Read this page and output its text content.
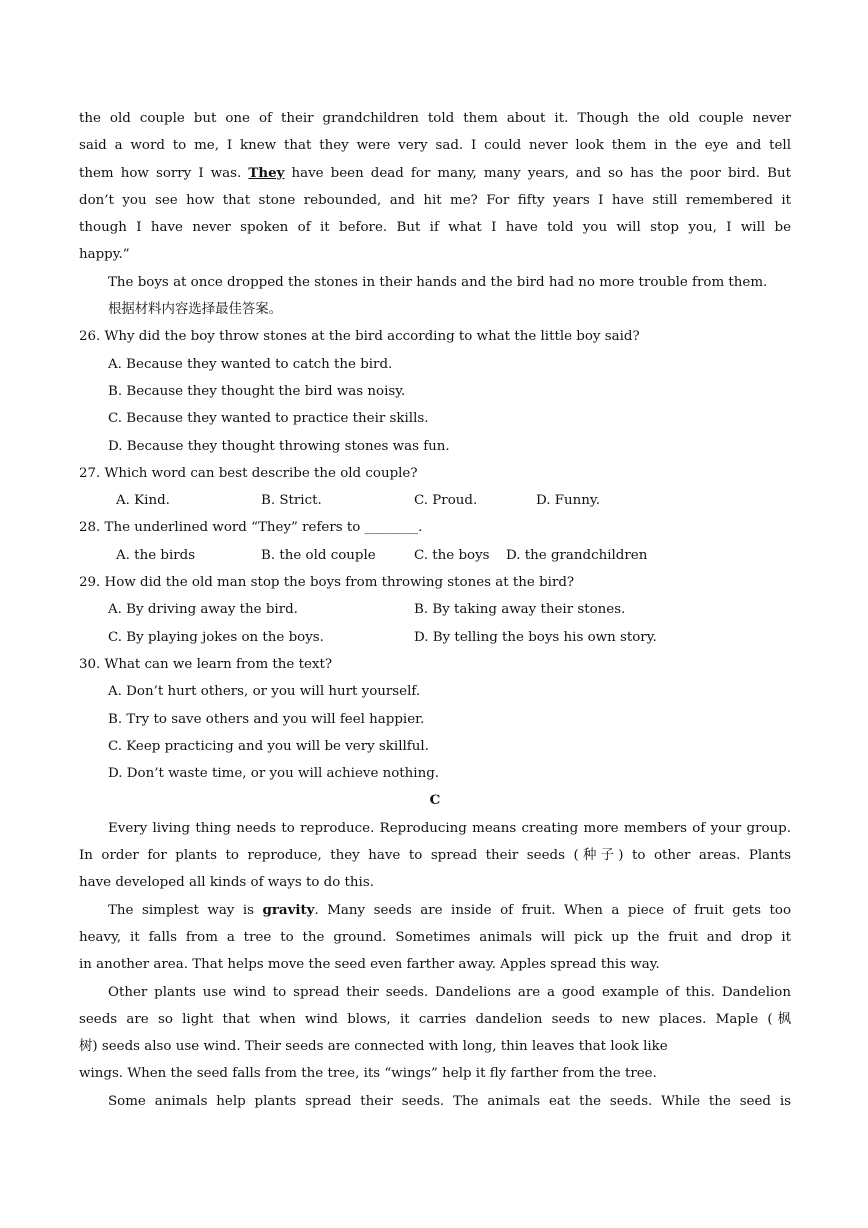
the old couple but one of their grandchildren told them about it. Though the old couple never
said a word to me, I knew that they were very sad. I could never look them in the eye and tell
them how sorry I was. They have been dead for many, many years, and so has the poor bird. But
don’t you see how that stone rebounded, and hit me? For fifty years I have still remembered it
though I have never spoken of it before. But if what I have told you will stop you, I will be
happy.”
The boys at once dropped the stones in their hands and the bird had no more trouble from them.
根据材料内容选择最佳答案。
26. Why did the boy throw stones at the bird according to what the little boy said?
A. Because they wanted to catch the bird.
B. Because they thought the bird was noisy.
C. Because they wanted to practice their skills.
D. Because they thought throwing stones was fun.
27. Which word can best describe the old couple?
A. Kind.	B. Strict.	C. Proud.	D. Funny.
28. The underlined word “They” refers to ________.
A. the birds	B. the old couple	C. the boys	D. the grandchildren
29. How did the old man stop the boys from throwing stones at the bird?
A. By driving away the bird.	B. By taking away their stones.
C. By playing jokes on the boys.	D. By telling the boys his own story.
30. What can we learn from the text?
A. Don’t hurt others, or you will hurt yourself.
B. Try to save others and you will feel happier.
C. Keep practicing and you will be very skillful.
D. Don’t waste time, or you will achieve nothing.
C
Every living thing needs to reproduce. Reproducing means creating more members of your group.
In order for plants to reproduce, they have to spread their seeds (种子) to other areas. Plants
have developed all kinds of ways to do this.
The simplest way is gravity. Many seeds are inside of fruit. When a piece of fruit gets too
heavy, it falls from a tree to the ground. Sometimes animals will pick up the fruit and drop it
in another area. That helps move the seed even farther away. Apples spread this way.
Other plants use wind to spread their seeds. Dandelions are a good example of this. Dandelion
seeds are so light that when wind blows, it carries dandelion seeds to new places. Maple (枫
树) seeds also use wind. Their seeds are connected with long, thin leaves that look like
wings. When the seed falls from the tree, its “wings” help it fly farther from the tree.
Some animals help plants spread their seeds. The animals eat the seeds. While the seed is
